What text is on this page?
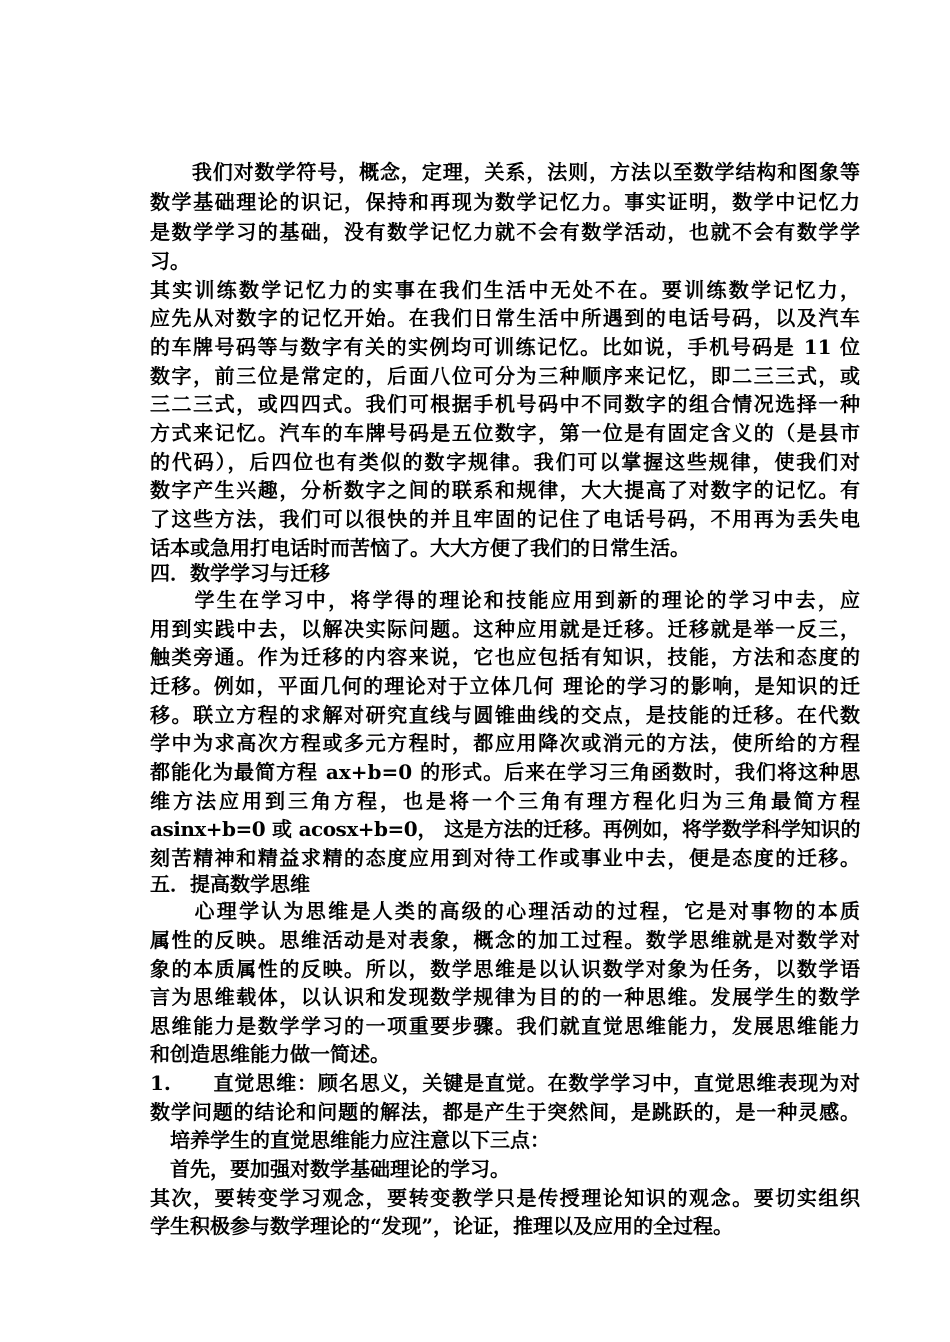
　　我们对数学符号，概念，定理，关系，法则，方法以至数学结构和图象等
数学基础理论的识记，保持和再现为数学记忆力。事实证明，数学中记忆力
是数学学习的基础，没有数学记忆力就不会有数学活动，也就不会有数学学
习。
其实训练数学记忆力的实事在我们生活中无处不在。要训练数学记忆力，
应先从对数字的记忆开始。在我们日常生活中所遇到的电话号码，以及汽车
的车牌号码等与数字有关的实例均可训练记忆。比如说，手机号码是 11 位
数字，前三位是常定的，后面八位可分为三种顺序来记忆，即二三三式，或
三二三式，或四四式。我们可根据手机号码中不同数字的组合情况选择一种
方式来记忆。汽车的车牌号码是五位数字，第一位是有固定含义的（是县市
的代码），后四位也有类似的数字规律。我们可以掌握这些规律，使我们对
数字产生兴趣，分析数字之间的联系和规律，大大提高了对数字的记忆。有
了这些方法，我们可以很快的并且牢固的记住了电话号码，不用再为丢失电
话本或急用打电话时而苦恼了。大大方便了我们的日常生活。
四．数学学习与迁移
　　学生在学习中，将学得的理论和技能应用到新的理论的学习中去，应
用到实践中去，以解决实际问题。这种应用就是迁移。迁移就是举一反三，
触类旁通。作为迁移的内容来说，它也应包括有知识，技能，方法和态度的
迁移。例如，平面几何的理论对于立体几何 理论的学习的影响，是知识的迁
移。联立方程的求解对研究直线与圆锥曲线的交点，是技能的迁移。在代数
学中为求高次方程或多元方程时，都应用降次或消元的方法，使所给的方程
都能化为最简方程 ax+b=0 的形式。后来在学习三角函数时，我们将这种思
维方法应用到三角方程，也是将一个三角有理方程化归为三角最简方程
asinx+b=0 或 acosx+b=0， 这是方法的迁移。再例如，将学数学科学知识的
刻苦精神和精益求精的态度应用到对待工作或事业中去，便是态度的迁移。
五．提高数学思维
　　心理学认为思维是人类的高级的心理活动的过程，它是对事物的本质
属性的反映。思维活动是对表象，概念的加工过程。数学思维就是对数学对
象的本质属性的反映。所以，数学思维是以认识数学对象为任务，以数学语
言为思维载体，以认识和发现数学规律为目的的一种思维。发展学生的数学
思维能力是数学学习的一项重要步骤。我们就直觉思维能力，发展思维能力
和创造思维能力做一简述。
1.　　直觉思维：顾名思义，关键是直觉。在数学学习中，直觉思维表现为对
数学问题的结论和问题的解法，都是产生于突然间，是跳跃的，是一种灵感。
　培养学生的直觉思维能力应注意以下三点：
　首先，要加强对数学基础理论的学习。
其次，要转变学习观念，要转变教学只是传授理论知识的观念。要切实组织
学生积极参与数学理论的“发现”，论证，推理以及应用的全过程。
